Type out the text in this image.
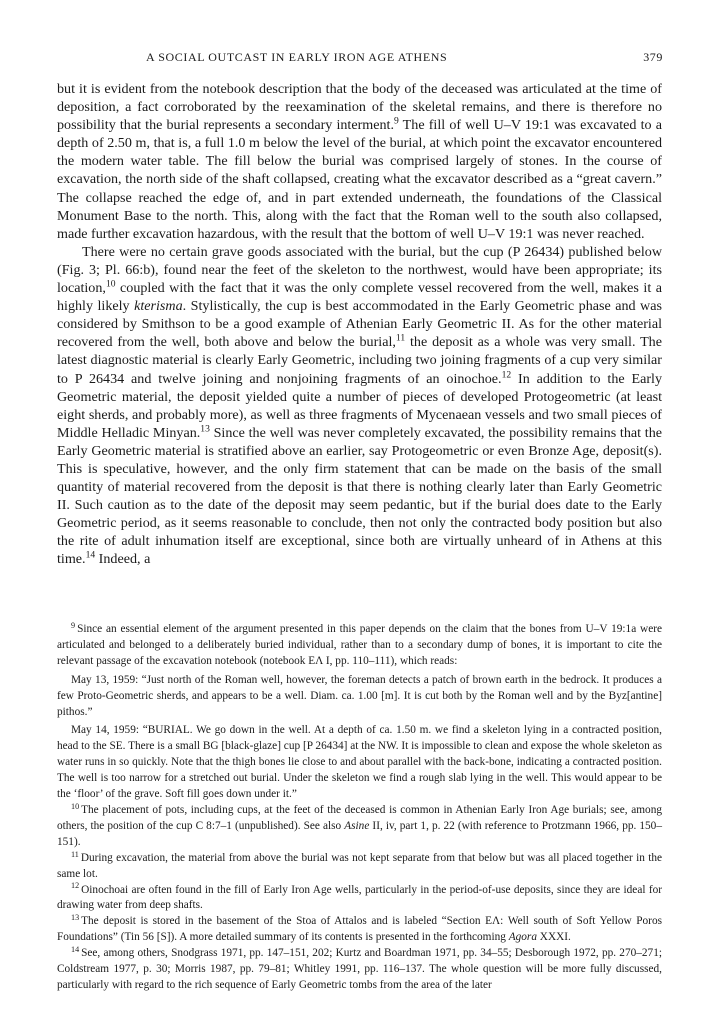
A SOCIAL OUTCAST IN EARLY IRON AGE ATHENS	379

but it is evident from the notebook description that the body of the deceased was articulated at the time of deposition, a fact corroborated by the reexamination of the skeletal remains, and there is therefore no possibility that the burial represents a secondary interment.$^9$ The fill of well U–V 19:1 was excavated to a depth of 2.50 m, that is, a full 1.0 m below the level of the burial, at which point the excavator encountered the modern water table. The fill below the burial was comprised largely of stones. In the course of excavation, the north side of the shaft collapsed, creating what the excavator described as a “great cavern.” The collapse reached the edge of, and in part extended underneath, the foundations of the Classical Monument Base to the north. This, along with the fact that the Roman well to the south also collapsed, made further excavation hazardous, with the result that the bottom of well U–V 19:1 was never reached.

There were no certain grave goods associated with the burial, but the cup (P 26434) published below (Fig. 3; Pl. 66:b), found near the feet of the skeleton to the northwest, would have been appropriate; its location,$^{10}$ coupled with the fact that it was the only complete vessel recovered from the well, makes it a highly likely kterisma. Stylistically, the cup is best accommodated in the Early Geometric phase and was considered by Smithson to be a good example of Athenian Early Geometric II. As for the other material recovered from the well, both above and below the burial,$^{11}$ the deposit as a whole was very small. The latest diagnostic material is clearly Early Geometric, including two joining fragments of a cup very similar to P 26434 and twelve joining and nonjoining fragments of an oinochoe.$^{12}$ In addition to the Early Geometric material, the deposit yielded quite a number of pieces of developed Protogeometric (at least eight sherds, and probably more), as well as three fragments of Mycenaean vessels and two small pieces of Middle Helladic Minyan.$^{13}$ Since the well was never completely excavated, the possibility remains that the Early Geometric material is stratified above an earlier, say Protogeometric or even Bronze Age, deposit(s). This is speculative, however, and the only firm statement that can be made on the basis of the small quantity of material recovered from the deposit is that there is nothing clearly later than Early Geometric II. Such caution as to the date of the deposit may seem pedantic, but if the burial does date to the Early Geometric period, as it seems reasonable to conclude, then not only the contracted body position but also the rite of adult inhumation itself are exceptional, since both are virtually unheard of in Athens at this time.$^{14}$ Indeed, a

$^9$ Since an essential element of the argument presented in this paper depends on the claim that the bones from U–V 19:1a were articulated and belonged to a deliberately buried individual, rather than to a secondary dump of bones, it is important to cite the relevant passage of the excavation notebook (notebook EΛ I, pp. 110–111), which reads:

May 13, 1959: “Just north of the Roman well, however, the foreman detects a patch of brown earth in the bedrock. It produces a few Proto-Geometric sherds, and appears to be a well. Diam. ca. 1.00 [m]. It is cut both by the Roman well and by the Byz[antine] pithos.”

May 14, 1959: “BURIAL. We go down in the well. At a depth of ca. 1.50 m. we find a skeleton lying in a contracted position, head to the SE. There is a small BG [black-glaze] cup [P 26434] at the NW. It is impossible to clean and expose the whole skeleton as water runs in so quickly. Note that the thigh bones lie close to and about parallel with the back-bone, indicating a contracted position. The well is too narrow for a stretched out burial. Under the skeleton we find a rough slab lying in the well. This would appear to be the ‘floor’ of the grave. Soft fill goes down under it.”

$^{10}$ The placement of pots, including cups, at the feet of the deceased is common in Athenian Early Iron Age burials; see, among others, the position of the cup C 8:7–1 (unpublished). See also Asine II, iv, part 1, p. 22 (with reference to Protzmann 1966, pp. 150–151).

$^{11}$ During excavation, the material from above the burial was not kept separate from that below but was all placed together in the same lot.

$^{12}$ Oinochoai are often found in the fill of Early Iron Age wells, particularly in the period-of-use deposits, since they are ideal for drawing water from deep shafts.

$^{13}$ The deposit is stored in the basement of the Stoa of Attalos and is labeled “Section EΛ: Well south of Soft Yellow Poros Foundations” (Tin 56 [S]). A more detailed summary of its contents is presented in the forthcoming Agora XXXI.

$^{14}$ See, among others, Snodgrass 1971, pp. 147–151, 202; Kurtz and Boardman 1971, pp. 34–55; Desborough 1972, pp. 270–271; Coldstream 1977, p. 30; Morris 1987, pp. 79–81; Whitley 1991, pp. 116–137. The whole question will be more fully discussed, particularly with regard to the rich sequence of Early Geometric tombs from the area of the later
